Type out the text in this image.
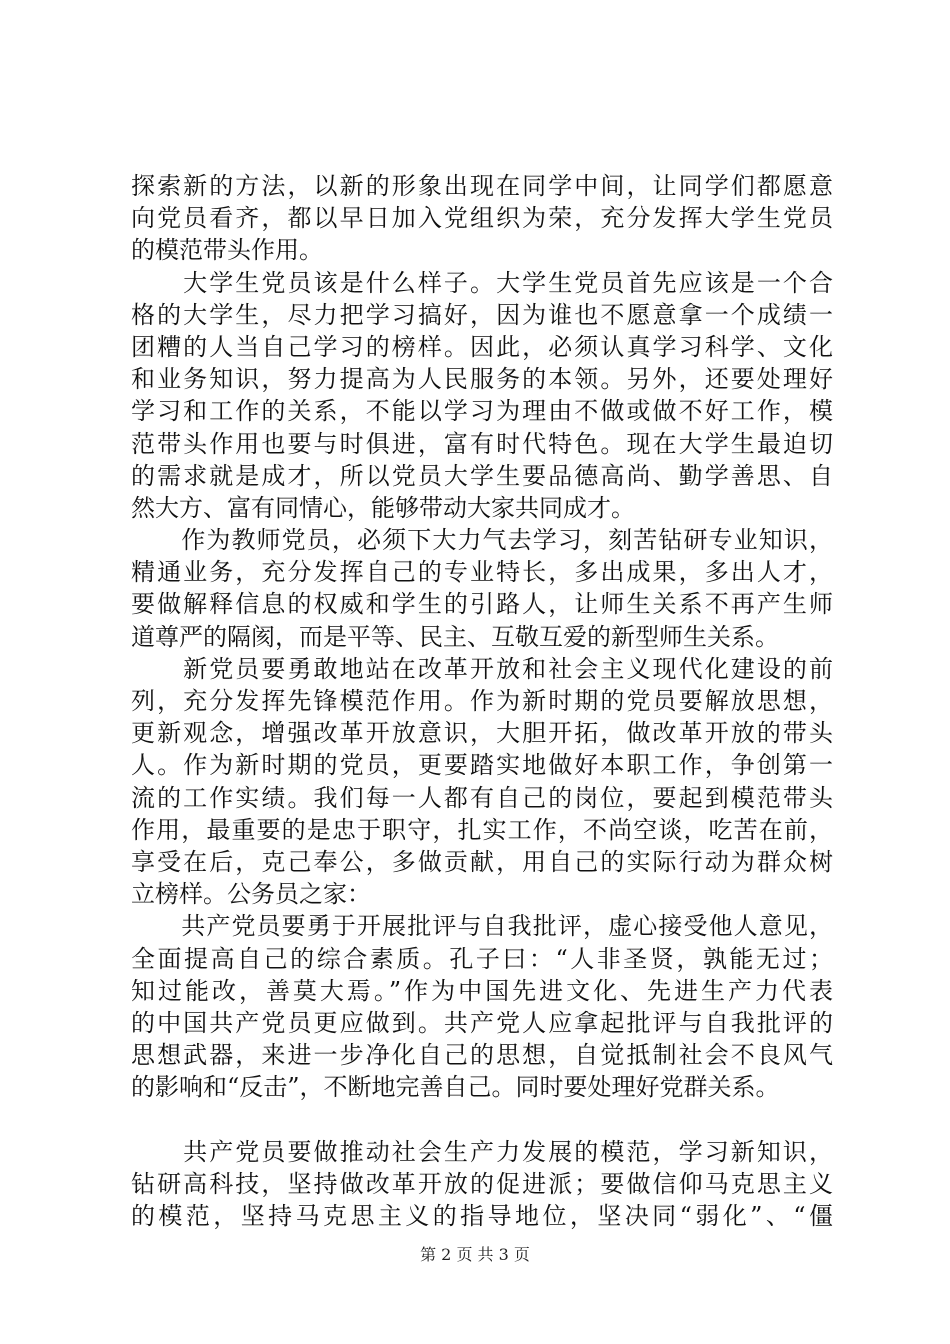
探索新的方法，以新的形象出现在同学中间，让同学们都愿意
向党员看齐，都以早日加入党组织为荣，充分发挥大学生党员
的模范带头作用。
　　大学生党员该是什么样子。大学生党员首先应该是一个合
格的大学生，尽力把学习搞好，因为谁也不愿意拿一个成绩一
团糟的人当自己学习的榜样。因此，必须认真学习科学、文化
和业务知识，努力提高为人民服务的本领。另外，还要处理好
学习和工作的关系，不能以学习为理由不做或做不好工作，模
范带头作用也要与时俱进，富有时代特色。现在大学生最迫切
的需求就是成才，所以党员大学生要品德高尚、勤学善思、自
然大方、富有同情心，能够带动大家共同成才。
　　作为教师党员，必须下大力气去学习，刻苦钻研专业知识，
精通业务，充分发挥自己的专业特长，多出成果，多出人才，
要做解释信息的权威和学生的引路人，让师生关系不再产生师
道尊严的隔阂，而是平等、民主、互敬互爱的新型师生关系。
　　新党员要勇敢地站在改革开放和社会主义现代化建设的前
列，充分发挥先锋模范作用。作为新时期的党员要解放思想，
更新观念，增强改革开放意识，大胆开拓，做改革开放的带头
人。作为新时期的党员，更要踏实地做好本职工作，争创第一
流的工作实绩。我们每一人都有自己的岗位，要起到模范带头
作用，最重要的是忠于职守，扎实工作，不尚空谈，吃苦在前，
享受在后，克己奉公，多做贡献，用自己的实际行动为群众树
立榜样。公务员之家：
　　共产党员要勇于开展批评与自我批评，虚心接受他人意见，
全面提高自己的综合素质。孔子曰：“人非圣贤，孰能无过；
知过能改，善莫大焉。”作为中国先进文化、先进生产力代表
的中国共产党员更应做到。共产党人应拿起批评与自我批评的
思想武器，来进一步净化自己的思想，自觉抵制社会不良风气
的影响和“反击”，不断地完善自己。同时要处理好党群关系。
　　共产党员要做推动社会生产力发展的模范，学习新知识，
钻研高科技，坚持做改革开放的促进派；要做信仰马克思主义
的模范，坚持马克思主义的指导地位，坚决同“弱化”、“僵
第 2 页 共 3 页
